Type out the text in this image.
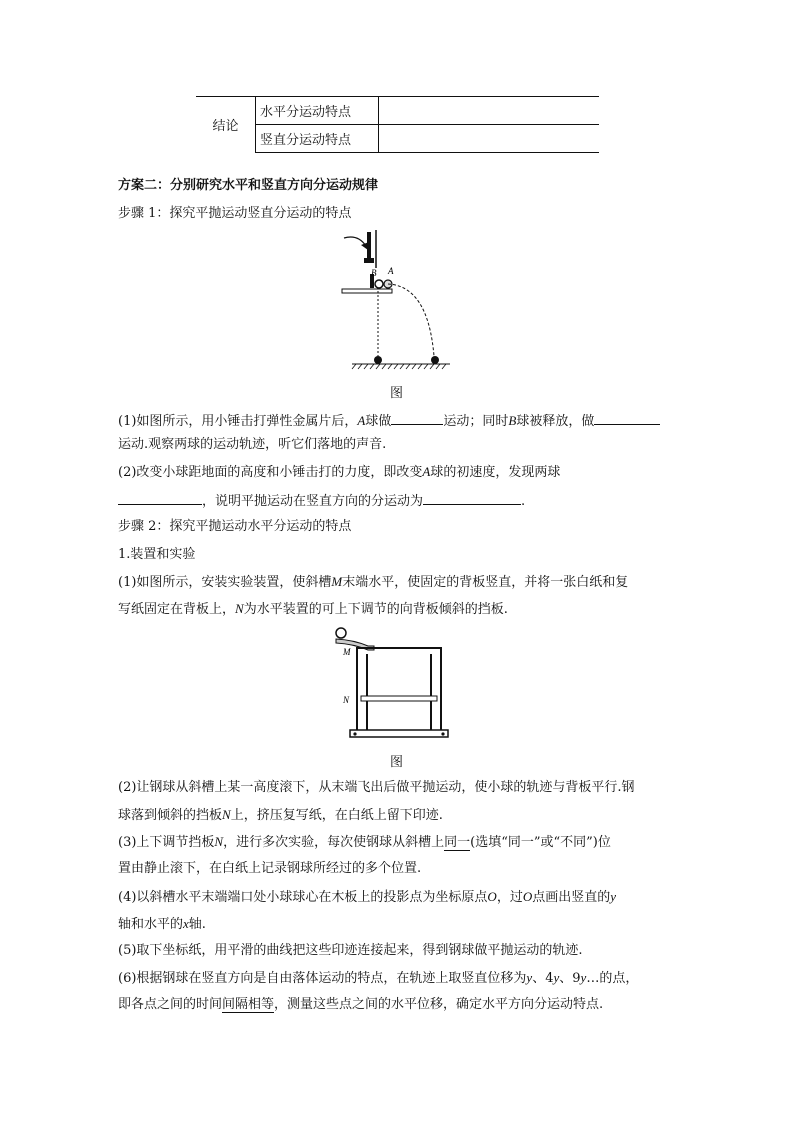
结论	水平分运动特点	
	竖直分运动特点	
方案二：分别研究水平和竖直方向分运动规律
步骤 1：探究平抛运动竖直分运动的特点
B A
图
(1)如图所示，用小锤击打弹性金属片后，A球做	运动；同时B球被释放，做
运动.观察两球的运动轨迹，听它们落地的声音.
(2)改变小球距地面的高度和小锤击打的力度，即改变A球的初速度，发现两球
，说明平抛运动在竖直方向的分运动为	.
步骤 2：探究平抛运动水平分运动的特点
1.装置和实验
(1)如图所示，安装实验装置，使斜槽M末端水平，使固定的背板竖直，并将一张白纸和复
写纸固定在背板上，N为水平装置的可上下调节的向背板倾斜的挡板.
M
N
图
(2)让钢球从斜槽上某一高度滚下，从末端飞出后做平抛运动，使小球的轨迹与背板平行.钢
球落到倾斜的挡板N上，挤压复写纸，在白纸上留下印迹.
(3)上下调节挡板N，进行多次实验，每次使钢球从斜槽上同一(选填“同一”或“不同”)位
置由静止滚下，在白纸上记录钢球所经过的多个位置.
(4)以斜槽水平末端端口处小球球心在木板上的投影点为坐标原点O，过O点画出竖直的y
轴和水平的x轴.
(5)取下坐标纸，用平滑的曲线把这些印迹连接起来，得到钢球做平抛运动的轨迹.
(6)根据钢球在竖直方向是自由落体运动的特点，在轨迹上取竖直位移为y、4y、9y…的点，
即各点之间的时间间隔相等，测量这些点之间的水平位移，确定水平方向分运动特点.
